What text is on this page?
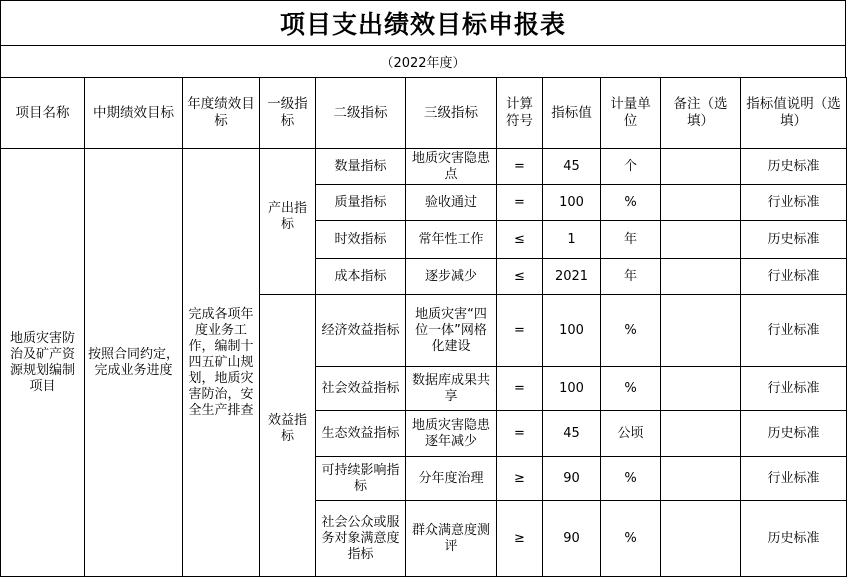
项目支出绩效目标申报表
（2022年度）
项目名称	中期绩效目标	年度绩效目标	一级指标	二级指标	三级指标	计算符号	指标值	计量单位	备注（选填）	指标值说明（选填）
地质灾害防治及矿产资源规划编制项目	按照合同约定，完成业务进度	完成各项年度业务工作，编制十四五矿山规划，地质灾害防治，安全生产排查	产出指标	数量指标	地质灾害隐患点	=	45	个		历史标准
				质量指标	验收通过	=	100	%		行业标准
				时效指标	常年性工作	≤	1	年		历史标准
				成本指标	逐步减少	≤	2021	年		行业标准
			效益指标	经济效益指标	地质灾害“四位一体”网格化建设	=	100	%		行业标准
				社会效益指标	数据库成果共享	=	100	%		行业标准
				生态效益指标	地质灾害隐患逐年减少	=	45	公顷		历史标准
				可持续影响指标	分年度治理	≥	90	%		行业标准
				社会公众或服务对象满意度指标	群众满意度测评	≥	90	%		历史标准
